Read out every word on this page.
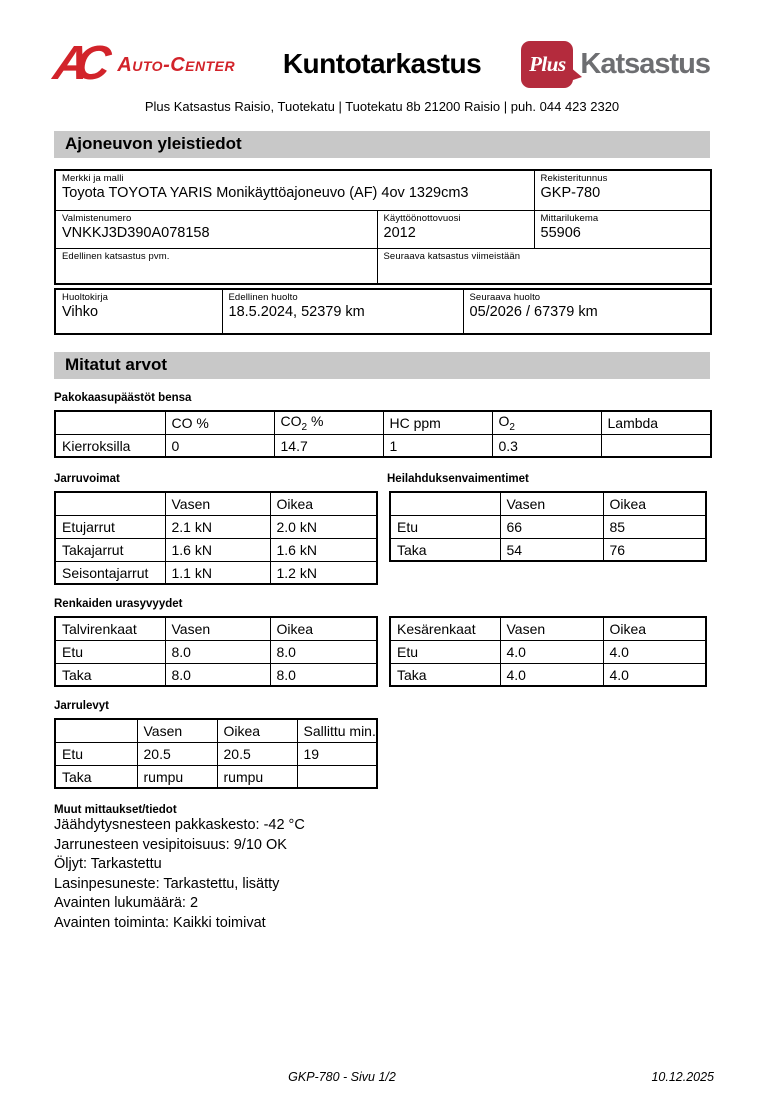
AC Auto-Center	Kuntotarkastus	Plus Katsastus
Plus Katsastus Raisio, Tuotekatu | Tuotekatu 8b 21200 Raisio | puh. 044 423 2320
Ajoneuvon yleistiedot
Merkki ja malli
Toyota TOYOTA YARIS Monikäyttöajoneuvo (AF) 4ov 1329cm3

Rekisteritunnus
GKP-780

Valmistenumero
VNKKJ3D390A078158

Käyttöönottovuosi
2012

Mittarilukema
55906

Edellinen katsastus pvm.	Seuraava katsastus viimeistään	
Huoltokirja
Vihko

Edellinen huolto
18.5.2024, 52379 km

Seuraava huolto
05/2026 / 67379 km
Mitatut arvot
Pakokaasupäästöt bensa
	CO %	$CO_2$ %	HC ppm	$O_2$	Lambda
Kierroksilla	0	14.7	1	0.3	
Jarruvoimat	Heilahduksenvaimentimet
	Vasen	Oikea
Etujarrut	2.1 kN	2.0 kN
Takajarrut	1.6 kN	1.6 kN
Seisontajarrut	1.1 kN	1.2 kN
	Vasen	Oikea
Etu	66	85
Taka	54	76
Renkaiden urasyvyydet
Talvirenkaat	Vasen	Oikea
Etu	8.0	8.0
Taka	8.0	8.0
Kesärenkaat	Vasen	Oikea
Etu	4.0	4.0
Taka	4.0	4.0
Jarrulevyt
	Vasen	Oikea	Sallittu min.
Etu	20.5	20.5	19
Taka	rumpu	rumpu	
Muut mittaukset/tiedot
Jäähdytysnesteen pakkaskesto: -42 °C
Jarrunesteen vesipitoisuus: 9/10 OK
Öljyt: Tarkastettu
Lasinpesuneste: Tarkastettu, lisätty
Avainten lukumäärä: 2
Avainten toiminta: Kaikki toimivat
GKP-780 - Sivu 1/2	10.12.2025
